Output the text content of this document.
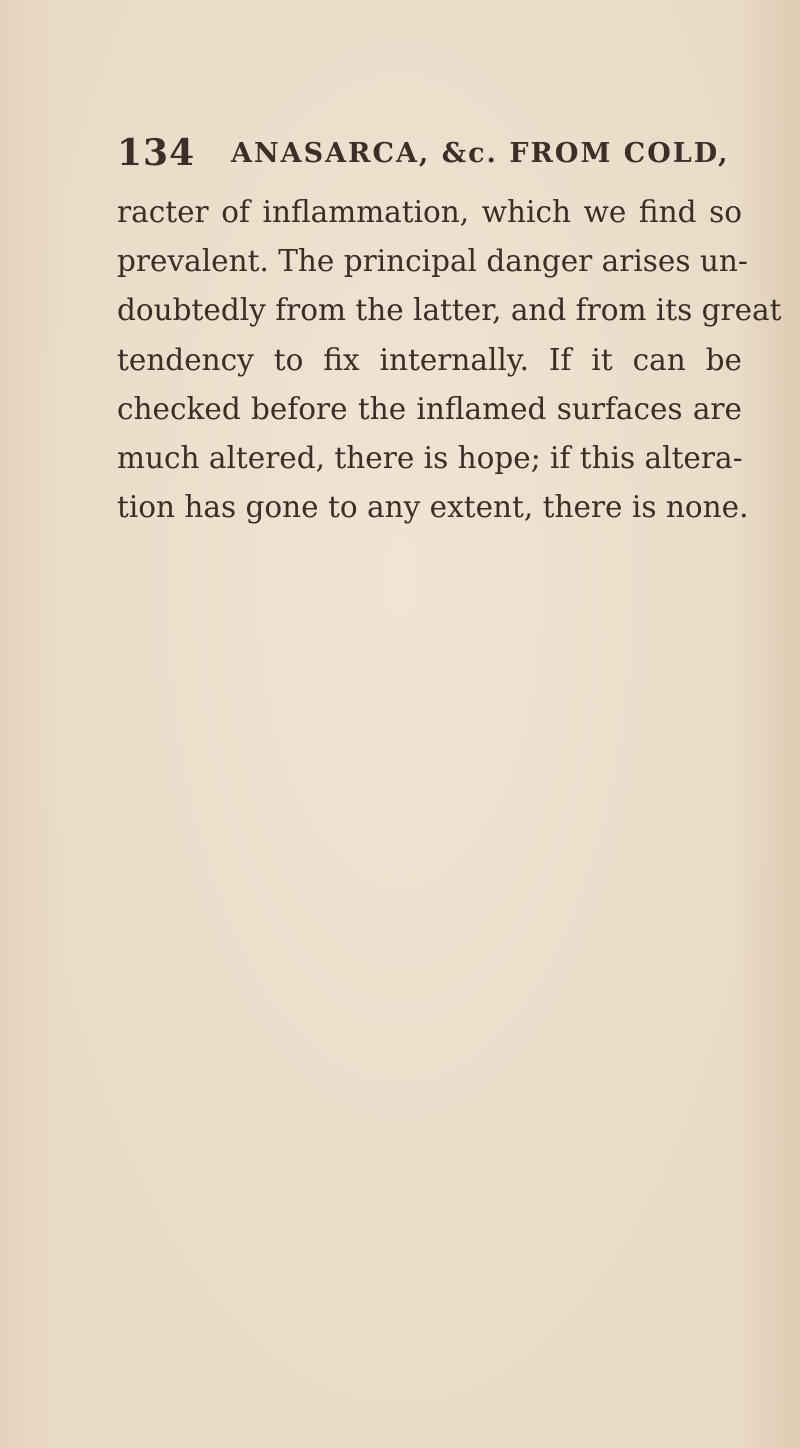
134 ANASARCA, &c. FROM COLD,
racter of inflammation, which we find so
prevalent. The principal danger arises un-
doubtedly from the latter, and from its great
tendency to fix internally. If it can be
checked before the inflamed surfaces are
much altered, there is hope; if this altera-
tion has gone to any extent, there is none.
